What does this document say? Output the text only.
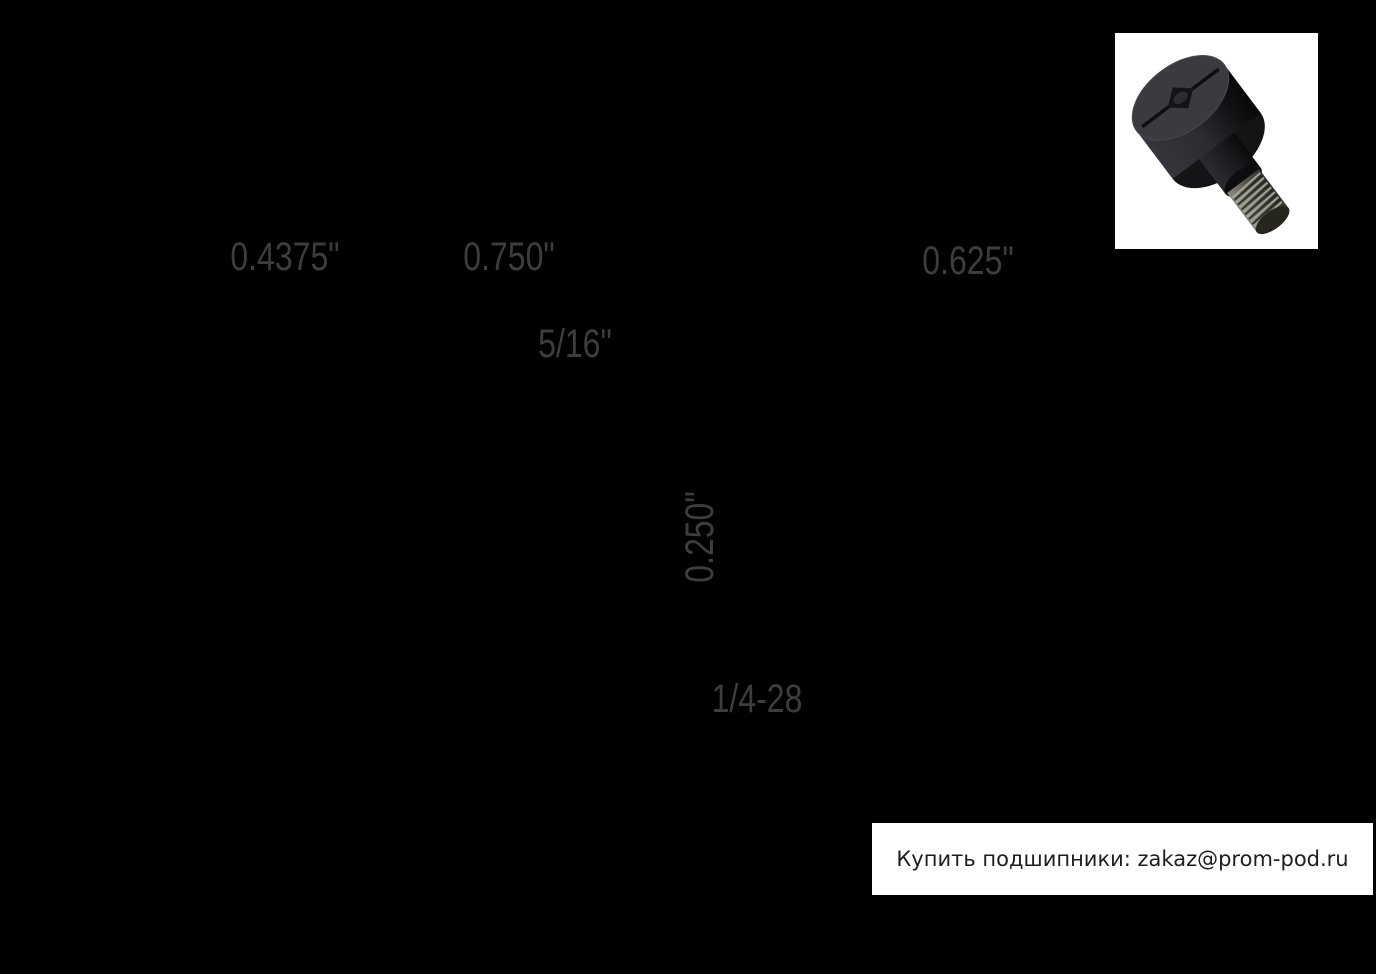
0.4375"	0.750"	0.625"
5/16"
0.250"
1/4-28
Купить подшипники: zakaz@prom-pod.ru
